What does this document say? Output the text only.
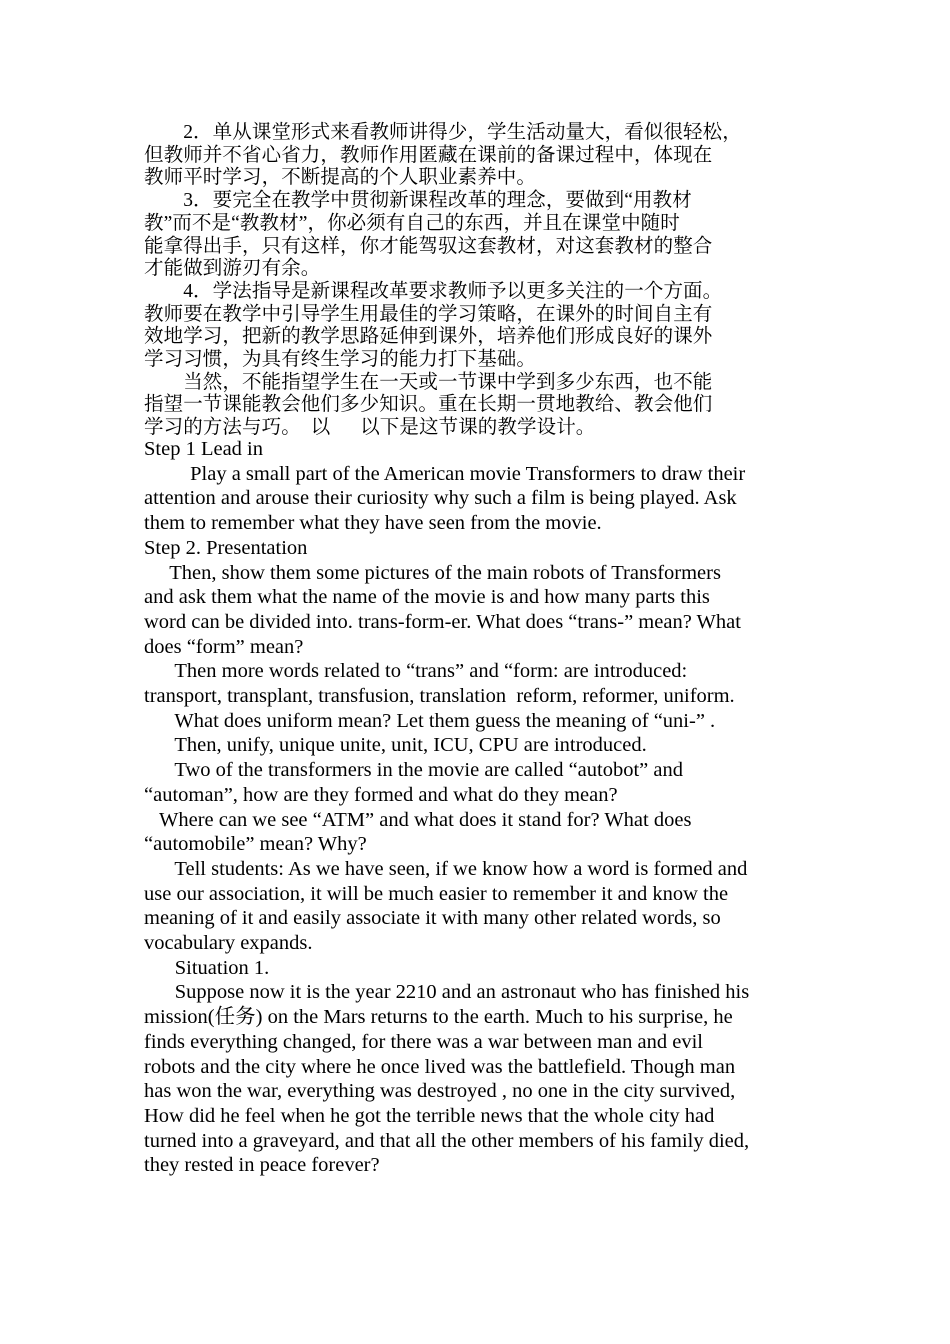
　　2．单从课堂形式来看教师讲得少，学生活动量大，看似很轻松，
但教师并不省心省力，教师作用匿藏在课前的备课过程中，体现在
教师平时学习，不断提高的个人职业素养中。
　　3．要完全在教学中贯彻新课程改革的理念，要做到“用教材
教”而不是“教教材”，你必须有自己的东西，并且在课堂中随时
能拿得出手，只有这样，你才能驾驭这套教材，对这套教材的整合
才能做到游刃有余。
　　4．学法指导是新课程改革要求教师予以更多关注的一个方面。
教师要在教学中引导学生用最佳的学习策略，在课外的时间自主有
效地学习，把新的教学思路延伸到课外，培养他们形成良好的课外
学习习惯，为具有终生学习的能力打下基础。
　　当然，不能指望学生在一天或一节课中学到多少东西，也不能
指望一节课能教会他们多少知识。重在长期一贯地教给、教会他们
学习的方法与巧。  以      以下是这节课的教学设计。
Step 1 Lead in
Play a small part of the American movie Transformers to draw their
attention and arouse their curiosity why such a film is being played. Ask
them to remember what they have seen from the movie.
Step 2. Presentation
Then, show them some pictures of the main robots of Transformers
and ask them what the name of the movie is and how many parts this
word can be divided into. trans-form-er. What does “trans-” mean? What
does “form” mean?
Then more words related to “trans” and “form: are introduced:
transport, transplant, transfusion, translation  reform, reformer, uniform.
What does uniform mean? Let them guess the meaning of “uni-” .
Then, unify, unique unite, unit, ICU, CPU are introduced.
Two of the transformers in the movie are called “autobot” and
“automan”, how are they formed and what do they mean?
Where can we see “ATM” and what does it stand for? What does
“automobile” mean? Why?
Tell students: As we have seen, if we know how a word is formed and
use our association, it will be much easier to remember it and know the
meaning of it and easily associate it with many other related words, so
vocabulary expands.
Situation 1.
Suppose now it is the year 2210 and an astronaut who has finished his
mission(任务) on the Mars returns to the earth. Much to his surprise, he
finds everything changed, for there was a war between man and evil
robots and the city where he once lived was the battlefield. Though man
has won the war, everything was destroyed , no one in the city survived,
How did he feel when he got the terrible news that the whole city had
turned into a graveyard, and that all the other members of his family died,
they rested in peace forever?
